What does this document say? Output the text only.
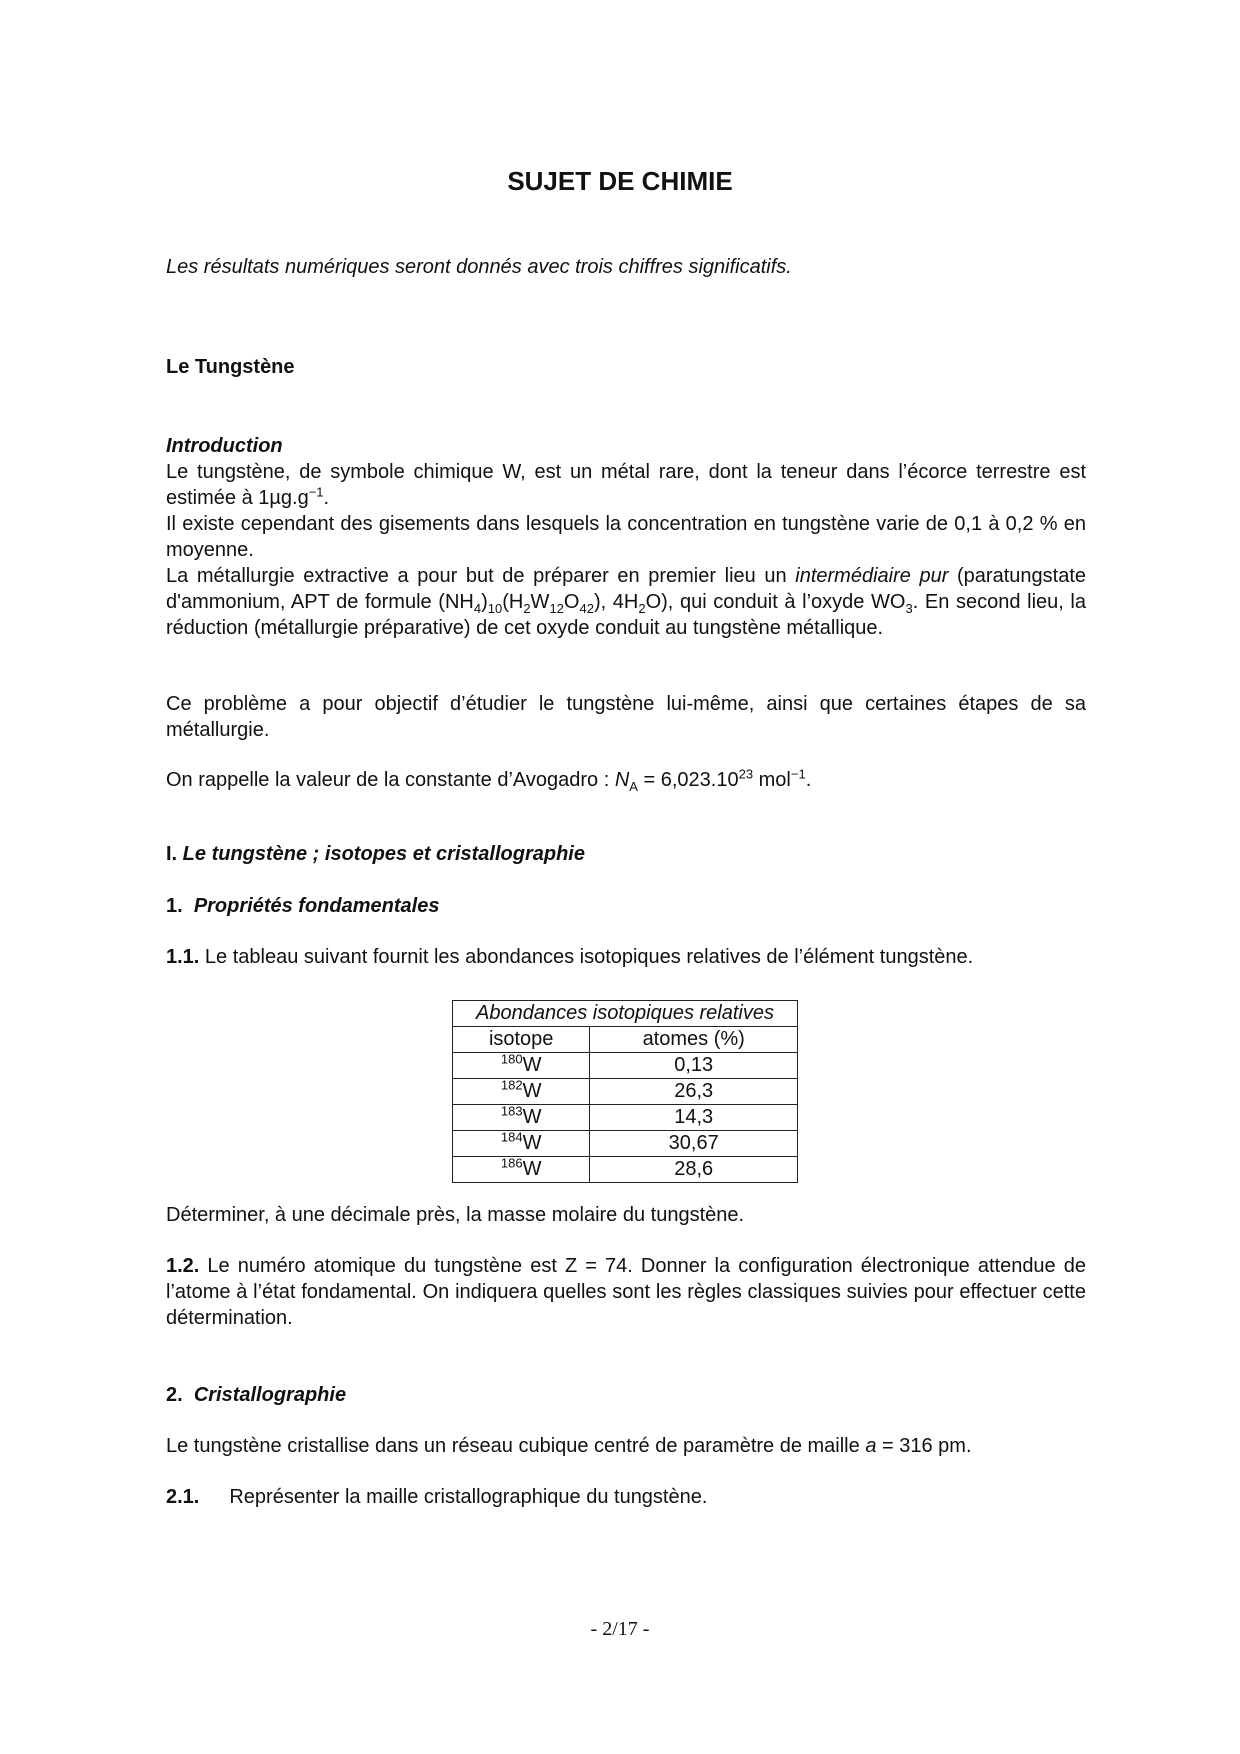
SUJET DE CHIMIE
Les résultats numériques seront donnés avec trois chiffres significatifs.
Le Tungstène
Introduction
Le tungstène, de symbole chimique W, est un métal rare, dont la teneur dans l’écorce terrestre est estimée à $1\mu g.g^{-1}$.
Il existe cependant des gisements dans lesquels la concentration en tungstène varie de 0,1 à 0,2 % en moyenne.
La métallurgie extractive a pour but de préparer en premier lieu un intermédiaire pur (paratungstate d'ammonium, APT de formule $(NH_4)_{10}(H_2W_{12}O_{42})$, $4H_2O$), qui conduit à l’oxyde $WO_3$. En second lieu, la réduction (métallurgie préparative) de cet oxyde conduit au tungstène métallique.
Ce problème a pour objectif d’étudier le tungstène lui-même, ainsi que certaines étapes de sa métallurgie.
On rappelle la valeur de la constante d’Avogadro : $N_A = 6,023.10^{23}$ mol$^{-1}$.
I. Le tungstène ; isotopes et cristallographie
1. Propriétés fondamentales
1.1. Le tableau suivant fournit les abondances isotopiques relatives de l’élément tungstène.
Abondances isotopiques relatives	
isotope	atomes (%)
$^{180}$W	0,13
$^{182}$W	26,3
$^{183}$W	14,3
$^{184}$W	30,67
$^{186}$W	28,6
Déterminer, à une décimale près, la masse molaire du tungstène.
1.2. Le numéro atomique du tungstène est Z = 74. Donner la configuration électronique attendue de l’atome à l’état fondamental. On indiquera quelles sont les règles classiques suivies pour effectuer cette détermination.
2. Cristallographie
Le tungstène cristallise dans un réseau cubique centré de paramètre de maille a = 316 pm.
2.1. Représenter la maille cristallographique du tungstène.
- 2/17 -
